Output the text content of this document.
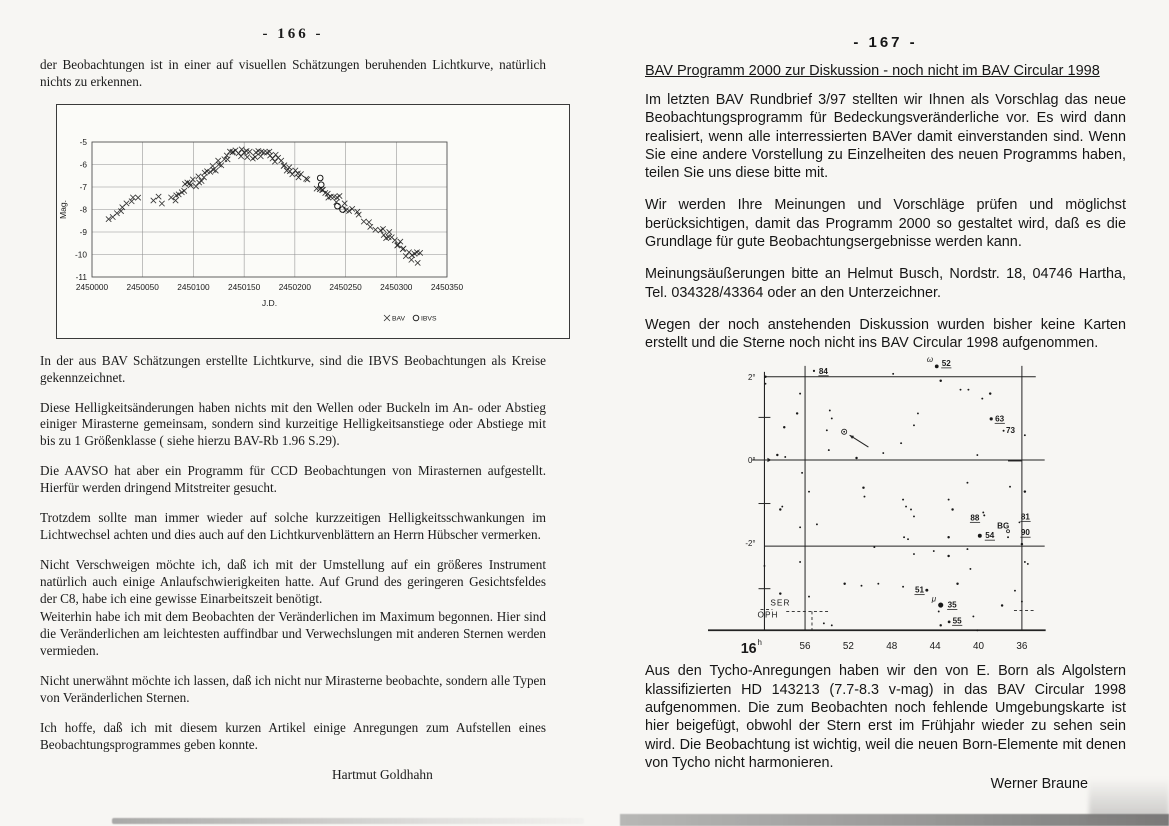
- 166 -

der Beobachtungen ist in einer auf visuellen Schätzungen beruhenden Lichtkurve, natürlich nichts zu erkennen.

-5
-6
-7
-8
-9
-10
-11
2450000 2450050 2450100 2450150 2450200 2450250 2450300 2450350
J.D.
Mag.
BAV IBVS

In der aus BAV Schätzungen erstellte Lichtkurve, sind die IBVS Beobachtungen als Kreise gekennzeichnet.

Diese Helligkeitsänderungen haben nichts mit den Wellen oder Buckeln im An- oder Abstieg einiger Mirasterne gemeinsam, sondern sind kurzeitige Helligkeitsanstiege oder Abstiege mit bis zu 1 Größenklasse ( siehe hierzu BAV-Rb 1.96 S.29).

Die AAVSO hat aber ein Programm für CCD Beobachtungen von Mirasternen aufgestellt. Hierfür werden dringend Mitstreiter gesucht.

Trotzdem sollte man immer wieder auf solche kurzzeitigen Helligkeitsschwankungen im Lichtwechsel achten und dies auch auf den Lichtkurvenblättern an Herrn Hübscher vermerken.

Nicht Verschweigen möchte ich, daß ich mit der Umstellung auf ein größeres Instrument natürlich auch einige Anlaufschwierigkeiten hatte. Auf Grund des geringeren Gesichtsfeldes der C8, habe ich eine gewisse Einarbeitszeit benötigt.

Weiterhin habe ich mit dem Beobachten der Veränderlichen im Maximum begonnen. Hier sind die Veränderlichen am leichtesten auffindbar und Verwechslungen mit anderen Sternen werden vermieden.

Nicht unerwähnt möchte ich lassen, daß ich nicht nur Mirasterne beobachte, sondern alle Typen von Veränderlichen Sternen.

Ich hoffe, daß ich mit diesem kurzen Artikel einige Anregungen zum Aufstellen eines Beobachtungsprogrammes geben konnte.

Hartmut Goldhahn
- 167 -
BAV Programm 2000 zur Diskussion - noch nicht im BAV Circular 1998

Im letzten BAV Rundbrief 3/97 stellten wir Ihnen als Vorschlag das neue Beobachtungsprogramm für Bedeckungsveränderliche vor. Es wird dann realisiert, wenn alle interressierten BAVer damit einverstanden sind. Wenn Sie eine andere Vorstellung zu Einzelheiten des neuen Programms haben, teilen Sie uns diese bitte mit.

Wir werden Ihre Meinungen und Vorschläge prüfen und möglichst berücksichtigen, damit das Programm 2000 so gestaltet wird, daß es die Grundlage für gute Beobachtungsergebnisse werden kann.

Meinungsäußerungen bitte an Helmut Busch, Nordstr. 18, 04746 Hartha, Tel. 034328/43364 oder an den Unterzeichner.

Wegen der noch anstehenden Diskussion wurden bisher keine Karten erstellt und die Sterne noch nicht ins BAV Circular 1998 aufgenommen.

2°
0°
-2°
56	52	48	44	40	36
16 h
SER
OPH
84
52
ω
63
73
88
BG
81
90
54
51
35
μ
55

Aus den Tycho-Anregungen haben wir den von E. Born als Algolstern klassifizierten HD 143213 (7.7-8.3 v-mag) in das BAV Circular 1998 aufgenommen. Die zum Beobachten noch fehlende Umgebungskarte ist hier beigefügt, obwohl der Stern erst im Frühjahr wieder zu sehen sein wird. Die Beobachtung ist wichtig, weil die neuen Born-Elemente mit denen von Tycho nicht harmonieren.

Werner Braune
